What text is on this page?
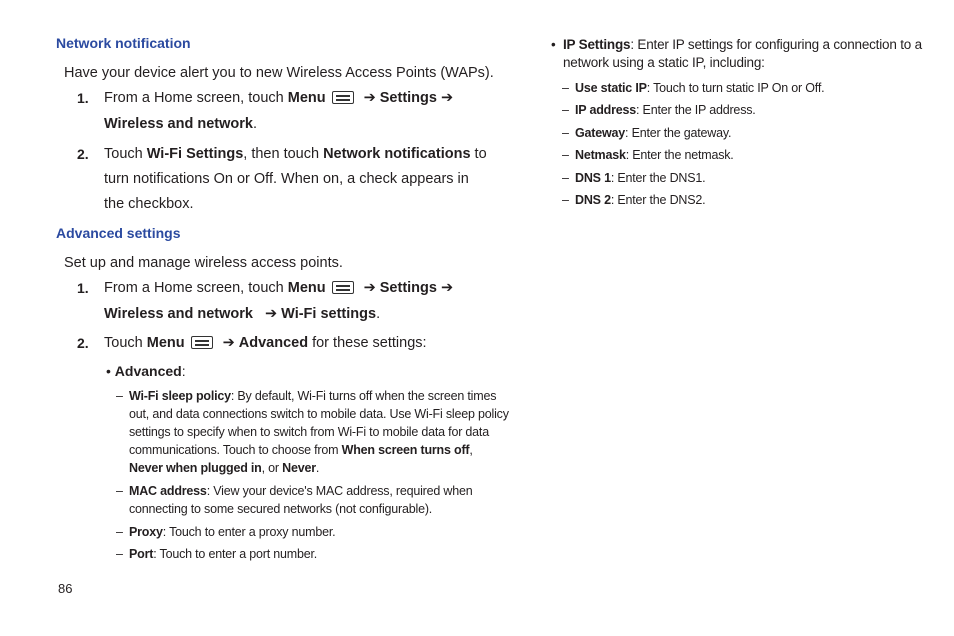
Network notification
Have your device alert you to new Wireless Access Points (WAPs).
1. From a Home screen, touch Menu	➔ Settings ➔
Wireless and network.
2. Touch Wi-Fi Settings, then touch Network notifications to
turn notifications On or Off. When on, a check appears in
the checkbox.
Advanced settings
Set up and manage wireless access points.
1. From a Home screen, touch Menu	➔ Settings ➔
Wireless and network ➔ Wi-Fi settings.
2. Touch Menu	➔ Advanced for these settings:
• Advanced:
– Wi-Fi sleep policy: By default, Wi-Fi turns off when the screen times
out, and data connections switch to mobile data. Use Wi-Fi sleep policy
settings to specify when to switch from Wi-Fi to mobile data for data
communications. Touch to choose from When screen turns off,
Never when plugged in, or Never.
– MAC address: View your device's MAC address, required when
connecting to some secured networks (not configurable).
– Proxy: Touch to enter a proxy number.
– Port: Touch to enter a port number.
• IP Settings: Enter IP settings for configuring a connection to a
network using a static IP, including:
– Use static IP: Touch to turn static IP On or Off.
– IP address: Enter the IP address.
– Gateway: Enter the gateway.
– Netmask: Enter the netmask.
– DNS 1: Enter the DNS1.
– DNS 2: Enter the DNS2.
86
